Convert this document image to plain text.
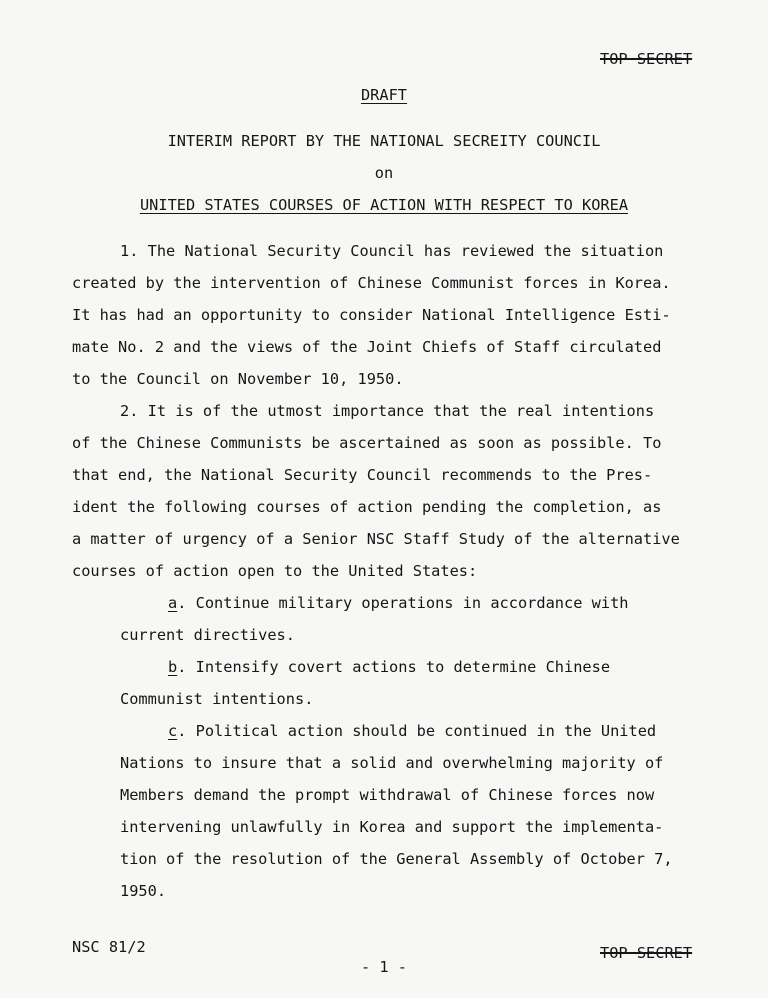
TOP SECRET
DRAFT
INTERIM REPORT BY THE NATIONAL SECREITY COUNCIL
on
UNITED STATES COURSES OF ACTION WITH RESPECT TO KOREA
1. The National Security Council has reviewed the situation
created by the intervention of Chinese Communist forces in Korea.
It has had an opportunity to consider National Intelligence Esti-
mate No. 2 and the views of the Joint Chiefs of Staff circulated
to the Council on November 10, 1950.
2. It is of the utmost importance that the real intentions
of the Chinese Communists be ascertained as soon as possible. To
that end, the National Security Council recommends to the Pres-
ident the following courses of action pending the completion, as
a matter of urgency of a Senior NSC Staff Study of the alternative
courses of action open to the United States:
a. Continue military operations in accordance with
current directives.
b. Intensify covert actions to determine Chinese
Communist intentions.
c. Political action should be continued in the United
Nations to insure that a solid and overwhelming majority of
Members demand the prompt withdrawal of Chinese forces now
intervening unlawfully in Korea and support the implementa-
tion of the resolution of the General Assembly of October 7,
1950.
NSC 81/2
- 1 -
TOP SECRET
